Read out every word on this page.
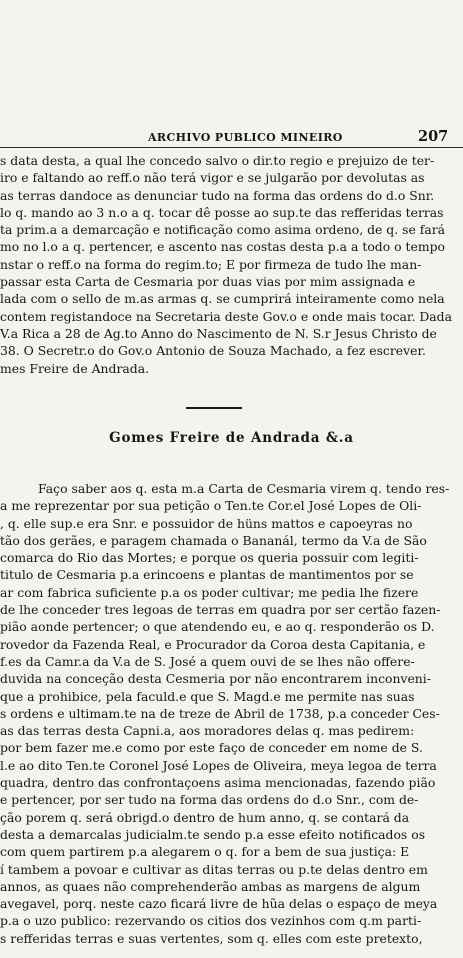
ARCHIVO PUBLICO MINEIRO	207
s data desta, a qual lhe concedo salvo o dir.to regio e prejuizo de ter-
iro e faltando ao reff.o não terá vigor e se julgarão por devolutas as
as terras dandoce as denunciar tudo na forma das ordens do d.o Snr.
lo q. mando ao 3 n.o a q. tocar dê posse ao sup.te das refferidas terras
ta prim.a a demarcação e notificação como asima ordeno, de q. se fará
mo no l.o a q. pertencer, e ascento nas costas desta p.a a todo o tempo
nstar o reff.o na forma do regim.to; E por firmeza de tudo lhe man-
passar esta Carta de Cesmaria por duas vias por mim assignada e
lada com o sello de m.as armas q. se cumprirá inteiramente como nela
contem registandoce na Secretaria deste Gov.o e onde mais tocar. Dada
V.a Rica a 28 de Ag.to Anno do Nascimento de N. S.r Jesus Christo de
38. O Secretr.o do Gov.o Antonio de Souza Machado, a fez escrever.
mes Freire de Andrada.
Gomes Freire de Andrada &.a
Faço saber aos q. esta m.a Carta de Cesmaria virem q. tendo res-
a me reprezentar por sua petição o Ten.te Cor.el José Lopes de Oli-
, q. elle sup.e era Snr. e possuidor de hüns mattos e capoeyras no
tão dos gerães, e paragem chamada o Bananál, termo da V.a de São
comarca do Rio das Mortes; e porque os queria possuir com legiti-
titulo de Cesmaria p.a erincoens e plantas de mantimentos por se
ar com fabrica suficiente p.a os poder cultivar; me pedia lhe fizere
de lhe conceder tres legoas de terras em quadra por ser certão fazen-
pião aonde pertencer; o que atendendo eu, e ao q. responderão os D.
rovedor da Fazenda Real, e Procurador da Coroa desta Capitania, e
f.es da Camr.a da V.a de S. José a quem ouvi de se lhes não offere-
duvida na conceção desta Cesmeria por não encontrarem inconveni-
que a prohibice, pela faculd.e que S. Magd.e me permite nas suas
s ordens e ultimam.te na de treze de Abril de 1738, p.a conceder Ces-
as das terras desta Capni.a, aos moradores delas q. mas pedirem:
por bem fazer me.e como por este faço de conceder em nome de S.
l.e ao dito Ten.te Coronel José Lopes de Oliveira, meya legoa de terra
quadra, dentro das confrontaçoens asima mencionadas, fazendo pião
e pertencer, por ser tudo na forma das ordens do d.o Snr., com de-
ção porem q. será obrigd.o dentro de hum anno, q. se contará da
desta a demarcalas judicialm.te sendo p.a esse efeito notificados os
com quem partirem p.a alegarem o q. for a bem de sua justiça: E
í tambem a povoar e cultivar as ditas terras ou p.te delas dentro em
annos, as quaes não comprehenderão ambas as margens de algum
avegavel, porq. neste cazo ficará livre de hũa delas o espaço de meya
p.a o uzo publico: rezervando os citios dos vezinhos com q.m parti-
s refferidas terras e suas vertentes, som q. elles com este pretexto,
